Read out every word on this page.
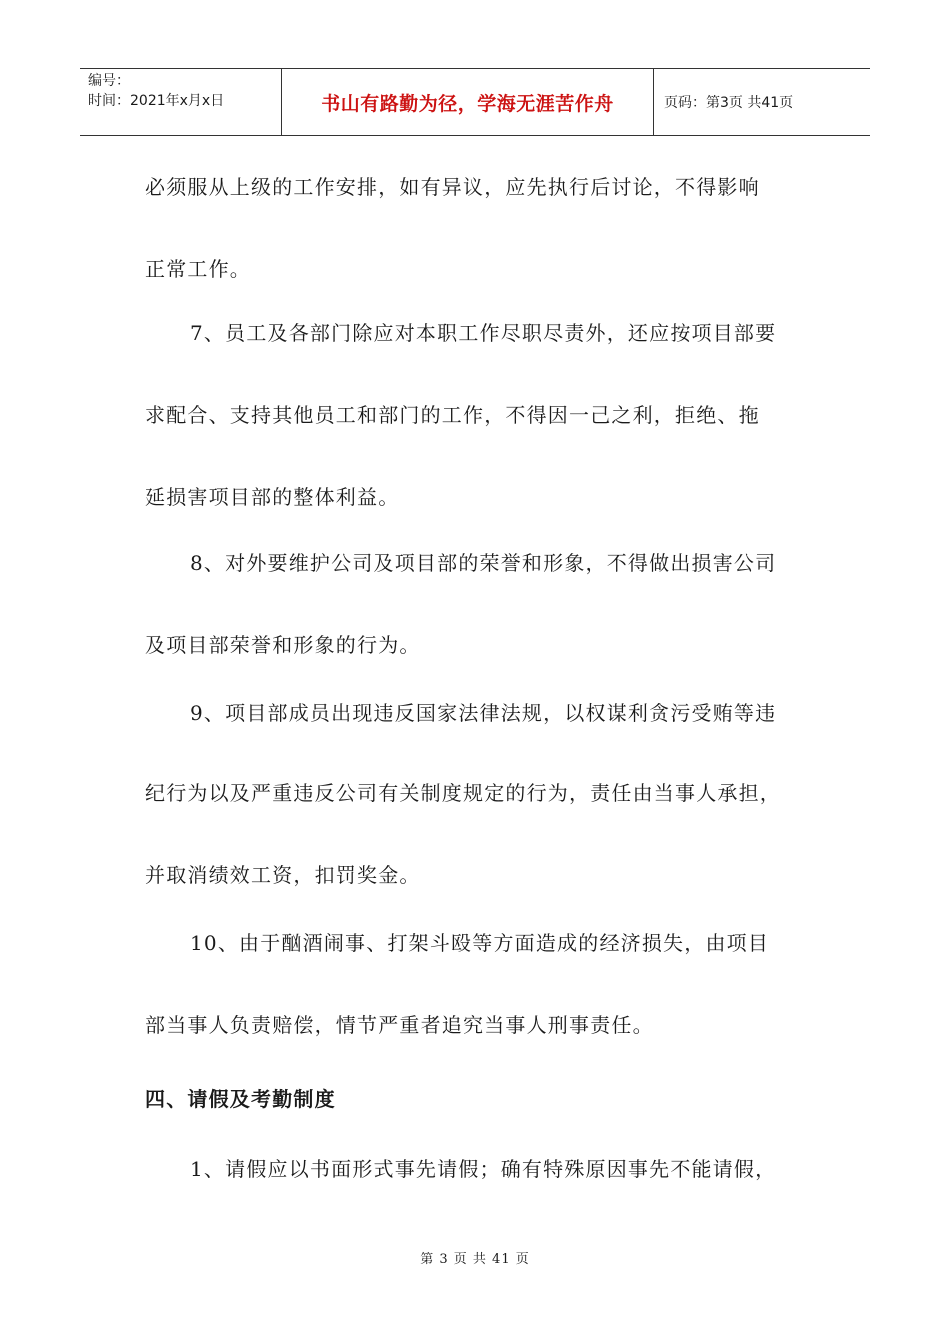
编号：
时间：2021年x月x日	书山有路勤为径，学海无涯苦作舟	页码：第3页 共41页
必须服从上级的工作安排，如有异议，应先执行后讨论，不得影响
正常工作。
7、员工及各部门除应对本职工作尽职尽责外，还应按项目部要
求配合、支持其他员工和部门的工作，不得因一己之利，拒绝、拖
延损害项目部的整体利益。
8、对外要维护公司及项目部的荣誉和形象，不得做出损害公司
及项目部荣誉和形象的行为。
9、项目部成员出现违反国家法律法规，以权谋利贪污受贿等违
纪行为以及严重违反公司有关制度规定的行为，责任由当事人承担，
并取消绩效工资，扣罚奖金。
10、由于酗酒闹事、打架斗殴等方面造成的经济损失，由项目
部当事人负责赔偿，情节严重者追究当事人刑事责任。
四、请假及考勤制度
1、请假应以书面形式事先请假；确有特殊原因事先不能请假，
第 3 页 共 41 页
